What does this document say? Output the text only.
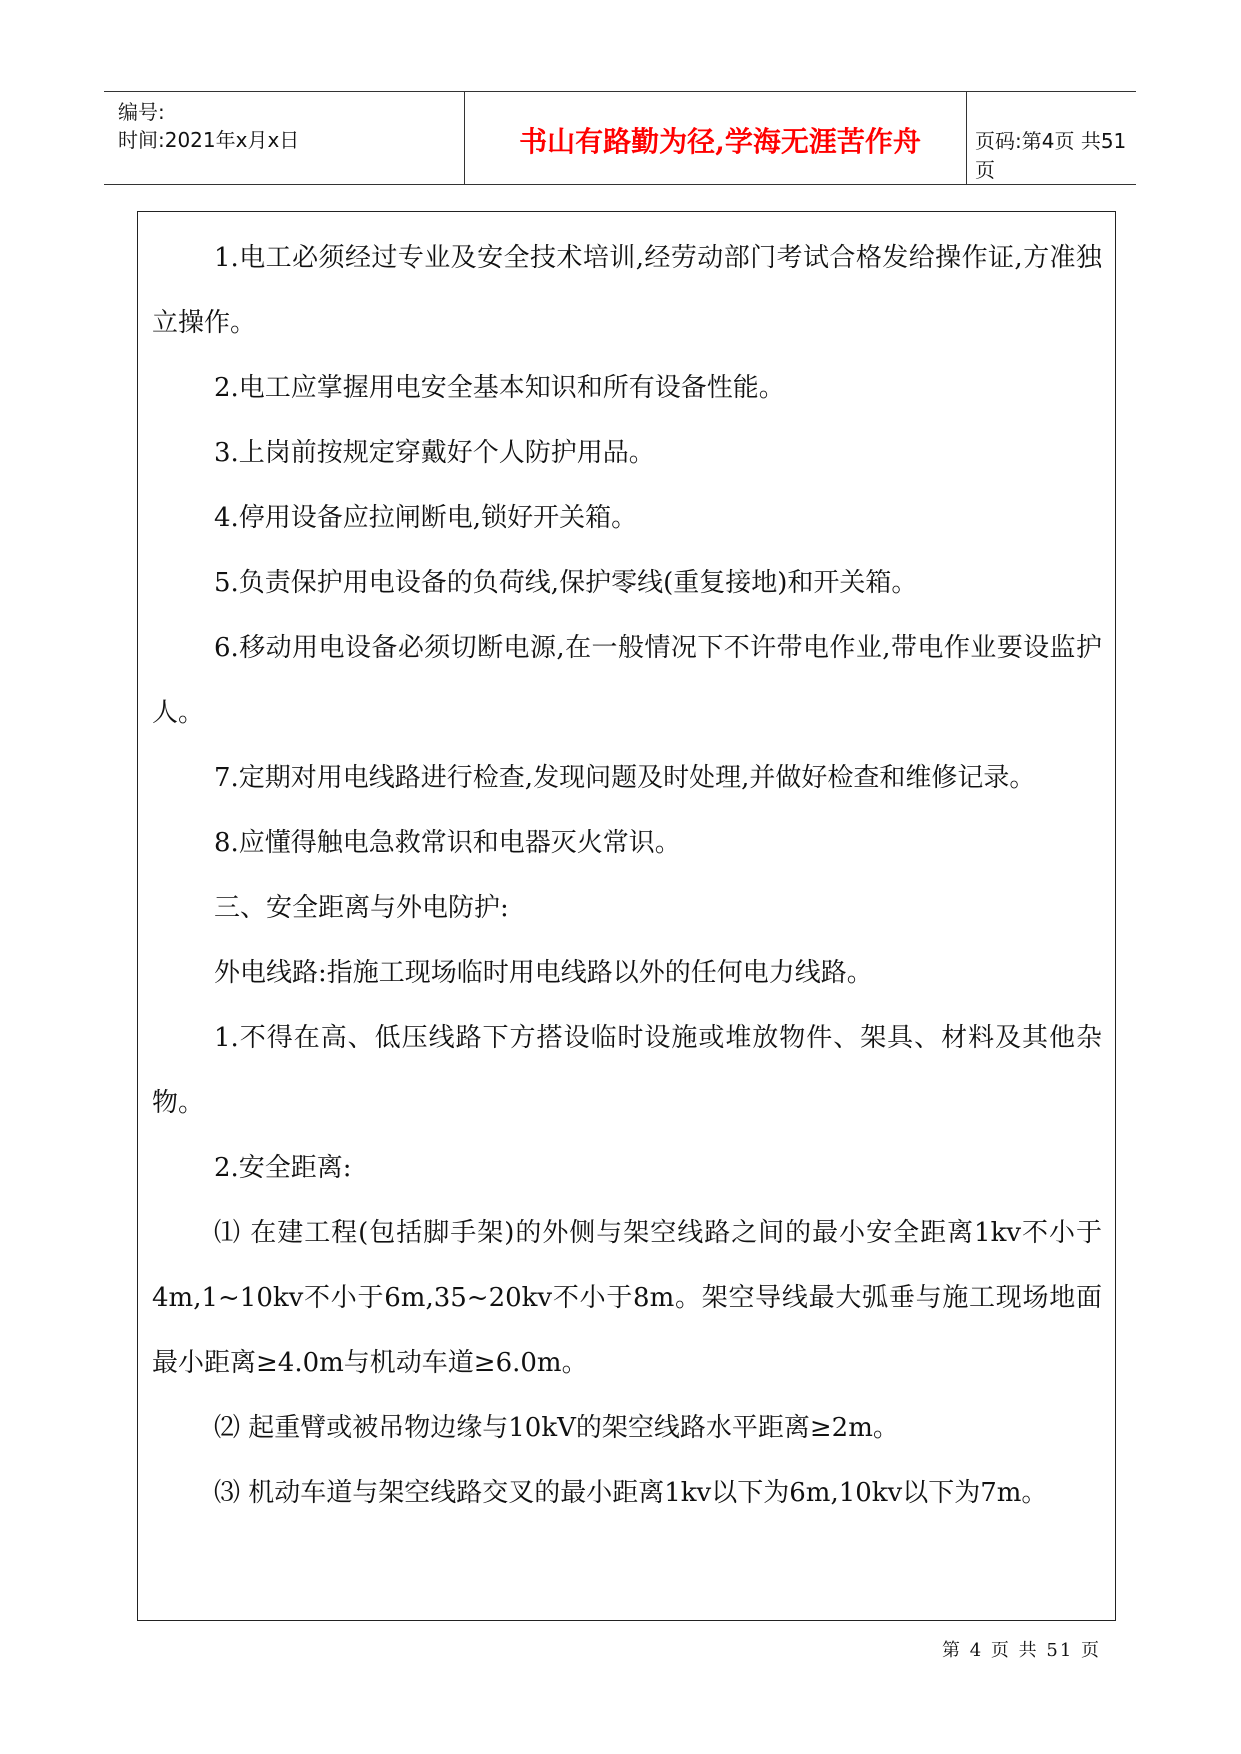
编号:
时间:2021年x月x日	书山有路勤为径,学海无涯苦作舟	页码:第4页 共51页

1.电工必须经过专业及安全技术培训,经劳动部门考试合格发给操作证,方准独立操作。

2.电工应掌握用电安全基本知识和所有设备性能。

3.上岗前按规定穿戴好个人防护用品。

4.停用设备应拉闸断电,锁好开关箱。

5.负责保护用电设备的负荷线,保护零线(重复接地)和开关箱。

6.移动用电设备必须切断电源,在一般情况下不许带电作业,带电作业要设监护人。

7.定期对用电线路进行检查,发现问题及时处理,并做好检查和维修记录。

8.应懂得触电急救常识和电器灭火常识。

三、安全距离与外电防护:

外电线路:指施工现场临时用电线路以外的任何电力线路。

1.不得在高、低压线路下方搭设临时设施或堆放物件、架具、材料及其他杂物。

2.安全距离:

⑴ 在建工程(包括脚手架)的外侧与架空线路之间的最小安全距离1kv不小于4m,1~10kv不小于6m,35~20kv不小于8m。架空导线最大弧垂与施工现场地面最小距离≥4.0m与机动车道≥6.0m。

⑵ 起重臂或被吊物边缘与10kV的架空线路水平距离≥2m。

⑶ 机动车道与架空线路交叉的最小距离1kv以下为6m,10kv以下为7m。

第 4 页 共 51 页
